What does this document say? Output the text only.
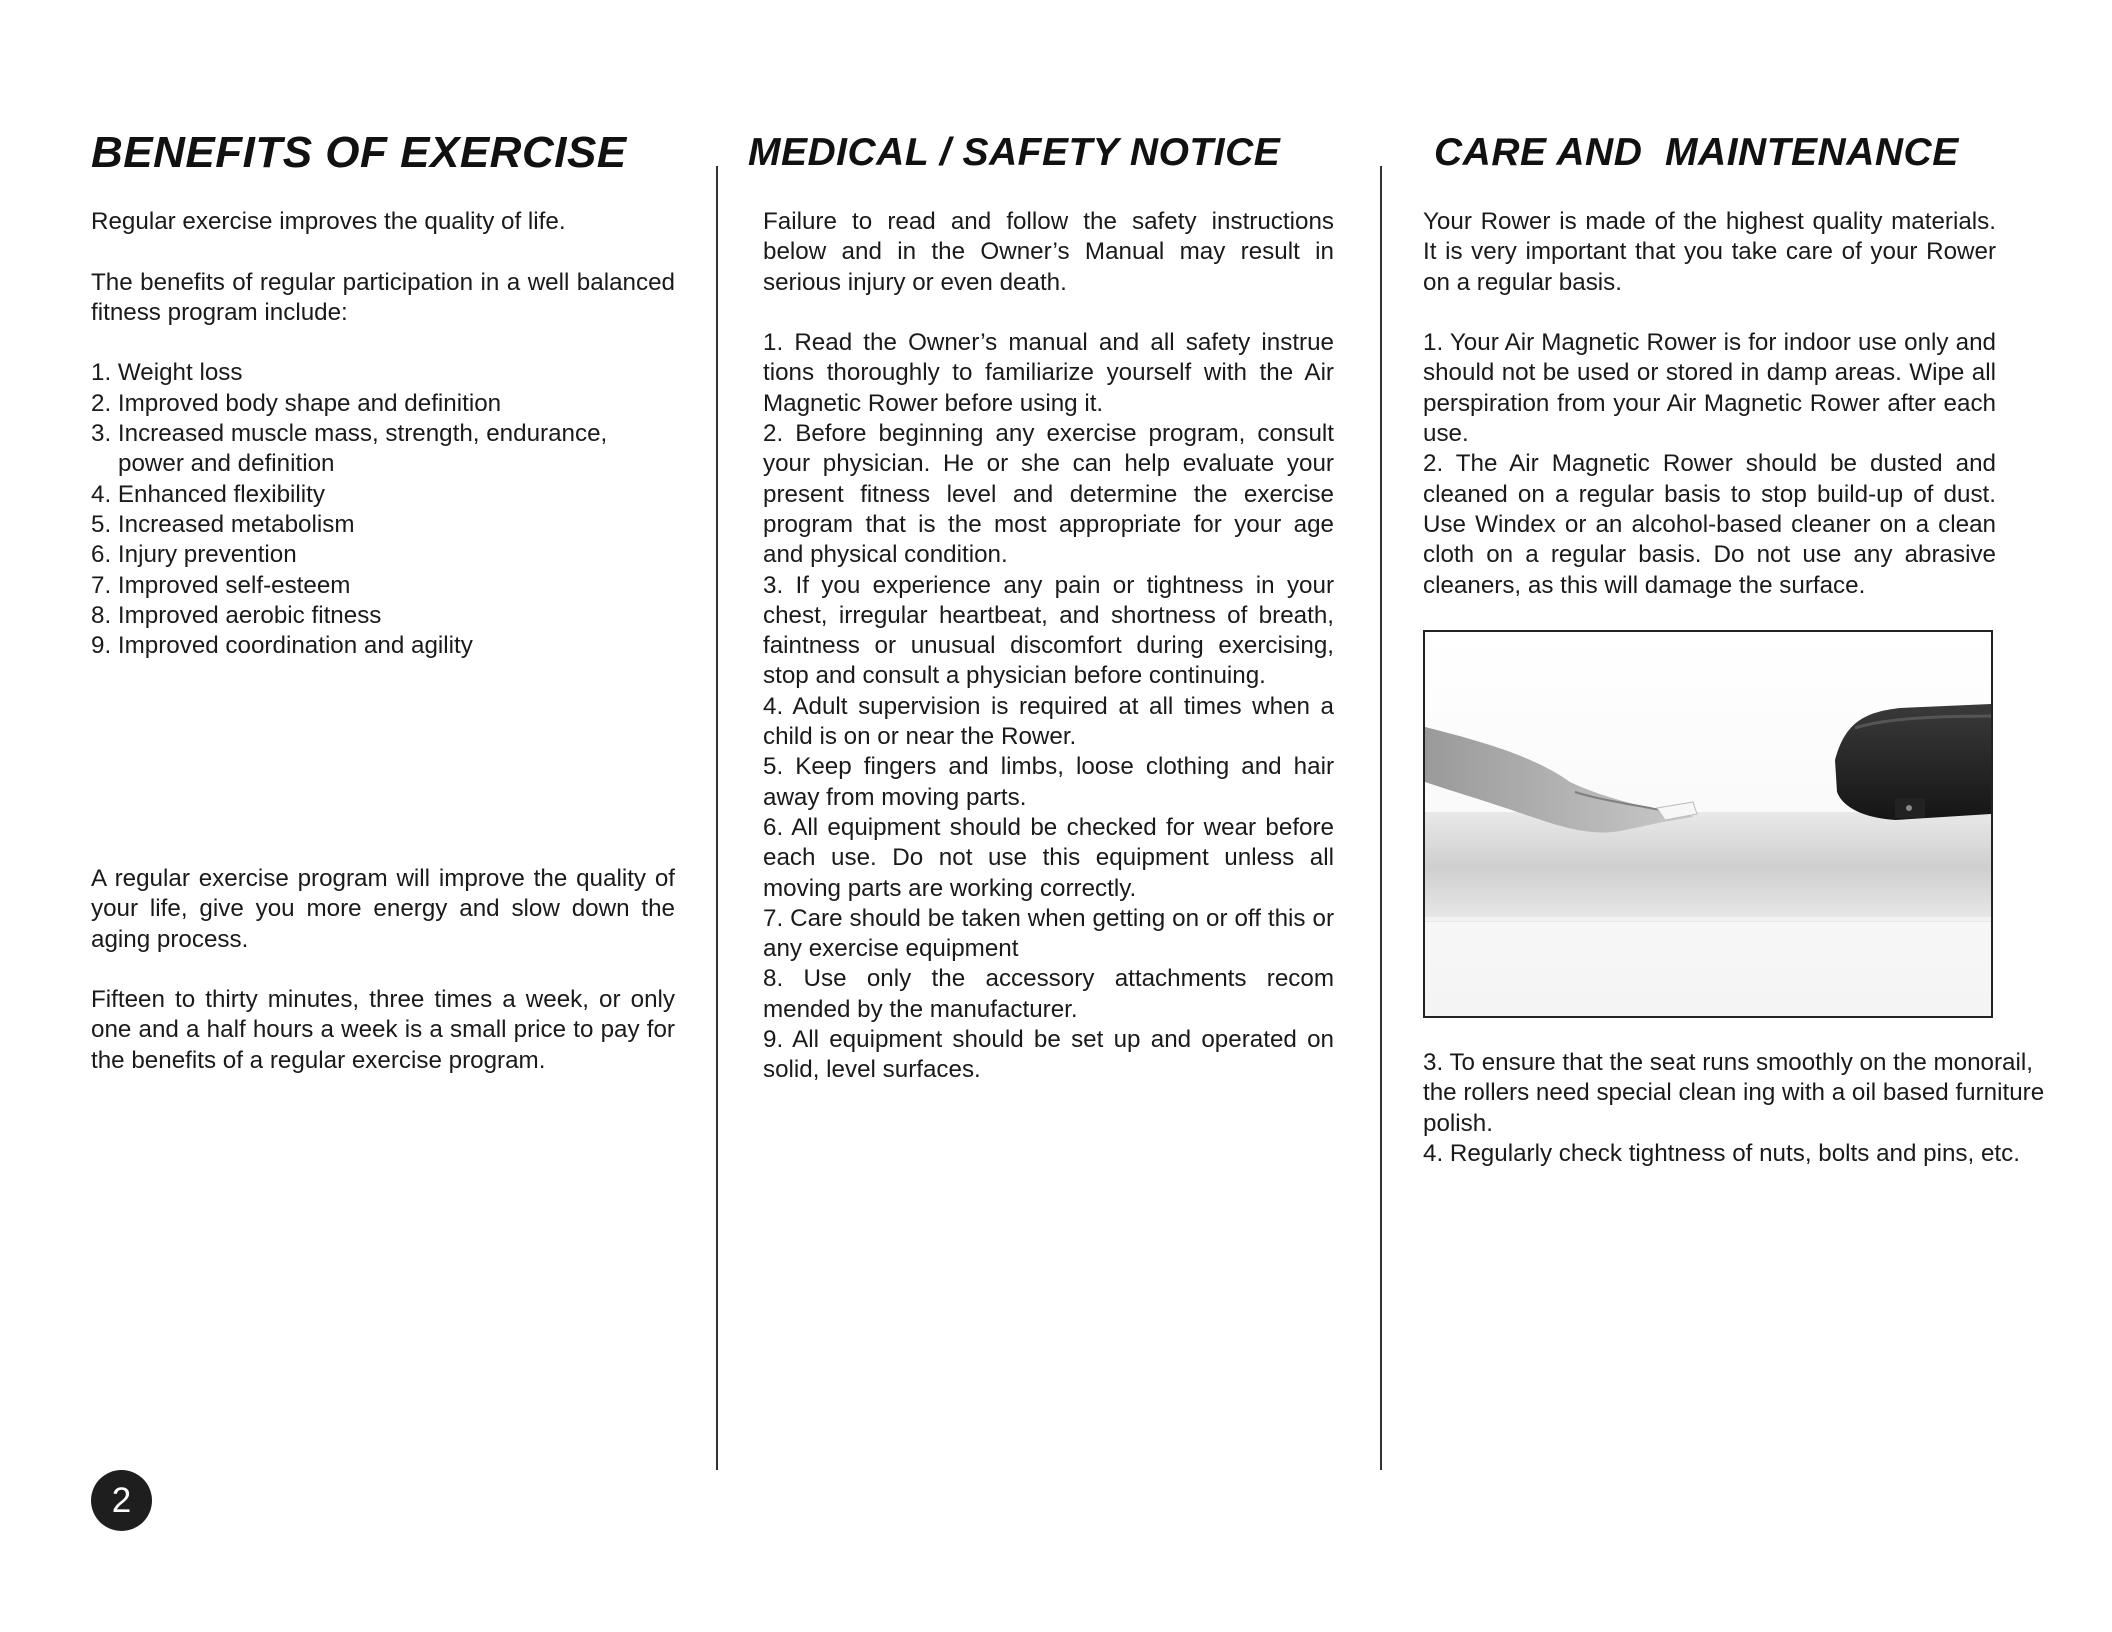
BENEFITS OF EXERCISE

Regular exercise improves the quality of life.

The benefits of regular participation in a well balanced fitness program include:

1. Weight loss

2. Improved body shape and definition

3. Increased muscle mass, strength, endurance,

power and definition

4. Enhanced flexibility

5. Increased metabolism

6. Injury prevention

7. Improved self-esteem

8. Improved aerobic fitness

9. Improved coordination and agility

A regular exercise program will improve the quality of your life, give you more energy and slow down the aging process.

Fifteen to thirty minutes, three times a week, or only one and a half hours a week is a small price to pay for the benefits of a regular exercise program.

MEDICAL / SAFETY NOTICE

Failure to read and follow the safety instructions below and in the Owner’s Manual may result in serious injury or even death.

1. Read the Owner’s manual and all safety instrue tions thoroughly to familiarize yourself with the Air Magnetic Rower before using it.

2. Before beginning any exercise program, consult your physician. He or she can help evaluate your present fitness level and determine the exercise program that is the most appropriate for your age and physical condition.

3. If you experience any pain or tightness in your chest, irregular heartbeat, and shortness of breath, faintness or unusual discomfort during exercising, stop and consult a physician before continuing.

4. Adult supervision is required at all times when a child is on or near the Rower.

5. Keep fingers and limbs, loose clothing and hair away from moving parts.

6. All equipment should be checked for wear before each use. Do not use this equipment unless all moving parts are working correctly.

7. Care should be taken when getting on or off this or any exercise equipment

8. Use only the accessory attachments recom mended by the manufacturer.

9. All equipment should be set up and operated on solid, level surfaces.

CARE AND  MAINTENANCE

Your Rower is made of the highest quality materials. It is very important that you take care of your Rower on a regular basis.

1. Your Air Magnetic Rower is for indoor use only and should not be used or stored in damp areas. Wipe all perspiration from your Air Magnetic Rower after each use.

2. The Air Magnetic Rower should be dusted and cleaned on a regular basis to stop build-up of dust. Use Windex or an alcohol-based cleaner on a clean cloth on a regular basis. Do not use any abrasive cleaners, as this will damage the surface.

3. To ensure that the seat runs smoothly on the monorail, the rollers need special clean ing with a oil based furniture polish.

4. Regularly check tightness of nuts, bolts and pins, etc.

2
